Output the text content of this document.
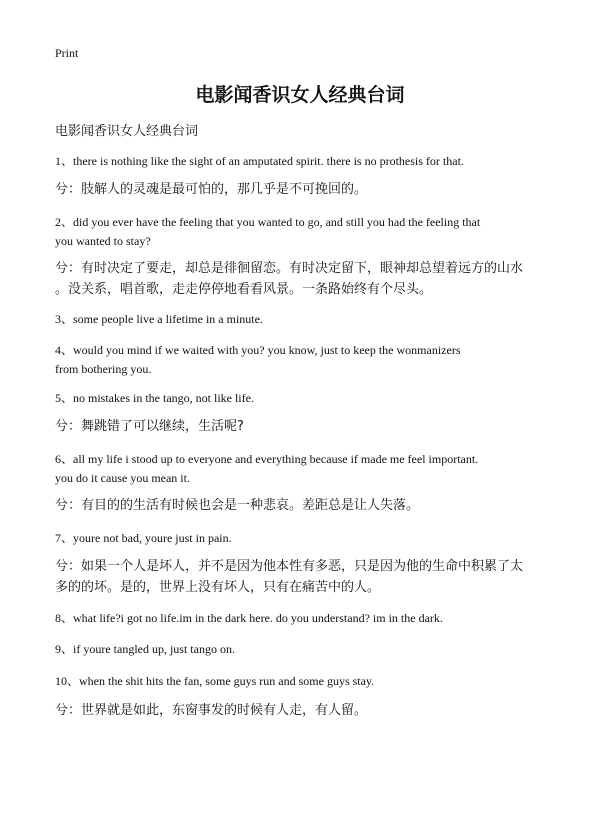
Print
电影闻香识女人经典台词
电影闻香识女人经典台词
1、there is nothing like the sight of an amputated spirit. there is no prothesis for that.
兮：肢解人的灵魂是最可怕的，那几乎是不可挽回的。
2、did you ever have the feeling that you wanted to go, and still you had the feeling that
you wanted to stay?
兮：有时决定了要走，却总是徘徊留恋。有时决定留下，眼神却总望着远方的山水
。没关系，唱首歌，走走停停地看看风景。一条路始终有个尽头。
3、some people live a lifetime in a minute.
4、would you mind if we waited with you? you know, just to keep the wonmanizers
from bothering you.
5、no mistakes in the tango, not like life.
兮：舞跳错了可以继续，生活呢?
6、all my life i stood up to everyone and everything because if made me feel important.
you do it cause you mean it.
兮：有目的的生活有时候也会是一种悲哀。差距总是让人失落。
7、youre not bad, youre just in pain.
兮：如果一个人是坏人，并不是因为他本性有多恶，只是因为他的生命中积累了太
多的的坏。是的，世界上没有坏人，只有在痛苦中的人。
8、what life?i got no life.im in the dark here. do you understand? im in the dark.
9、if youre tangled up, just tango on.
10、when the shit hits the fan, some guys run and some guys stay.
兮：世界就是如此，东窗事发的时候有人走，有人留。
